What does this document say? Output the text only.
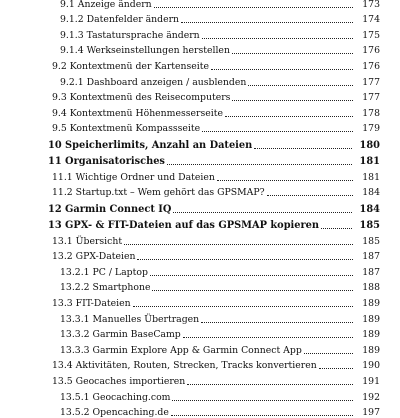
9.1 Anzeige ändern	173
9.1.2 Datenfelder ändern	174
9.1.3 Tastatursprache ändern	175
9.1.4 Werkseinstellungen herstellen	176
9.2 Kontextmenü der Kartenseite	176
9.2.1 Dashboard anzeigen / ausblenden	177
9.3 Kontextmenü des Reisecomputers	177
9.4 Kontextmenü Höhenmesserseite	178
9.5 Kontextmenü Kompassseite	179
10 Speicherlimits, Anzahl an Dateien	180
11 Organisatorisches	181
11.1 Wichtige Ordner und Dateien	181
11.2 Startup.txt – Wem gehört das GPSMAP?	184
12 Garmin Connect IQ	184
13 GPX- & FIT-Dateien auf das GPSMAP kopieren	185
13.1 Übersicht	185
13.2 GPX-Dateien	187
13.2.1 PC / Laptop	187
13.2.2 Smartphone	188
13.3 FIT-Dateien	189
13.3.1 Manuelles Übertragen	189
13.3.2 Garmin BaseCamp	189
13.3.3 Garmin Explore App & Garmin Connect App	189
13.4 Aktivitäten, Routen, Strecken, Tracks konvertieren	190
13.5 Geocaches importieren	191
13.5.1 Geocaching.com	192
13.5.2 Opencaching.de	197
